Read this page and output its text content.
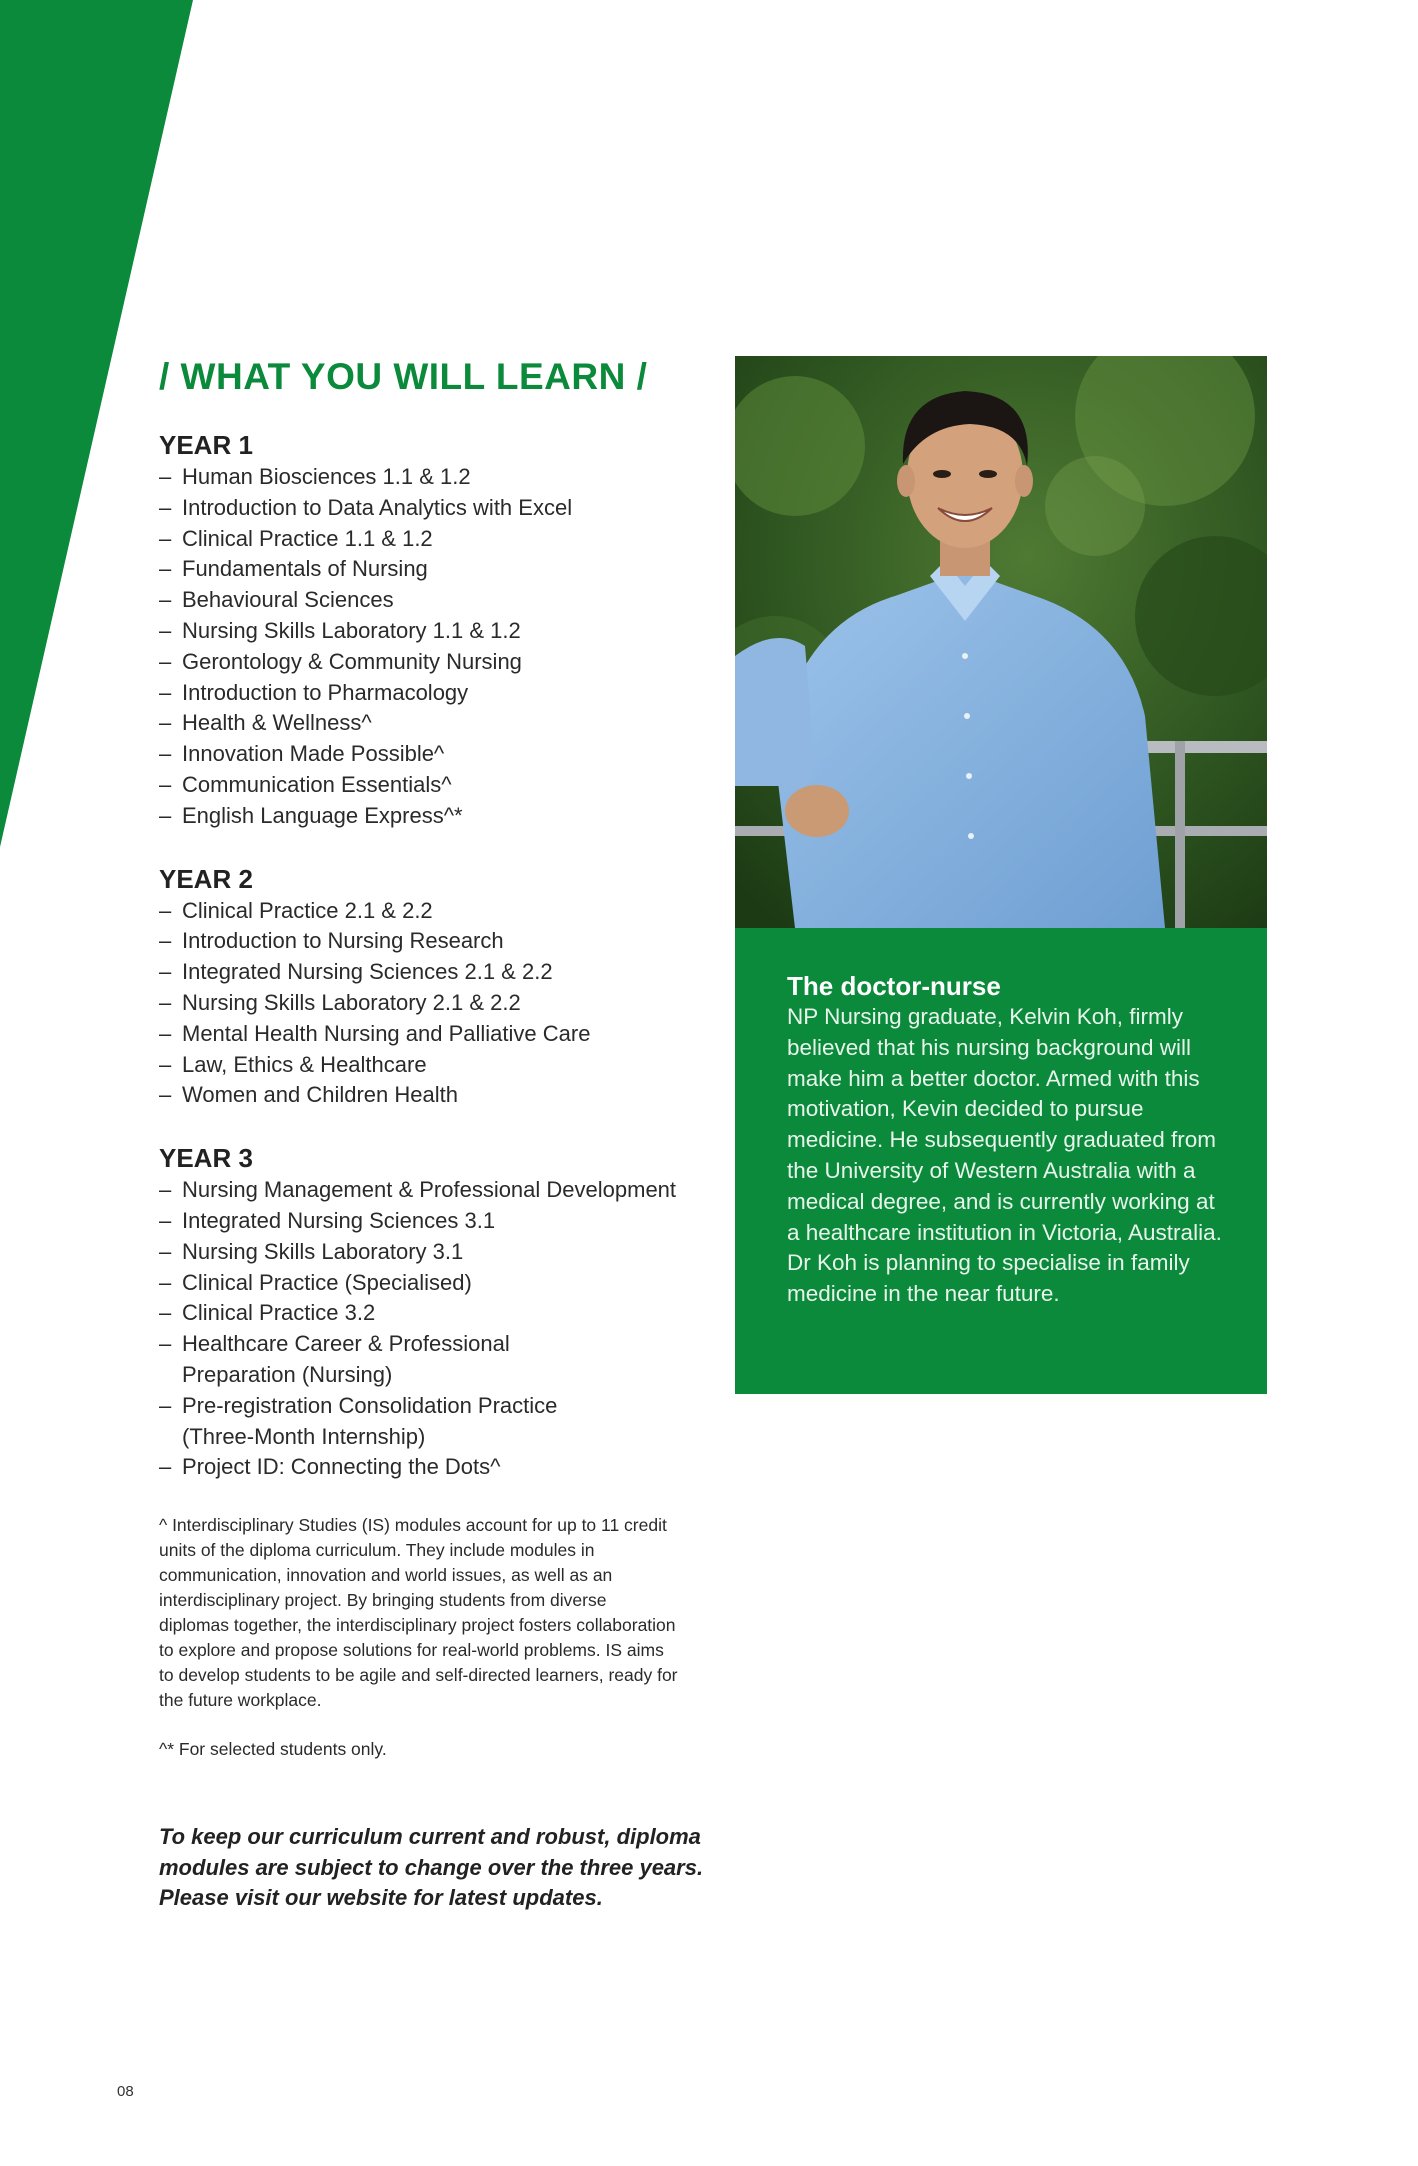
/ WHAT YOU WILL LEARN /
YEAR 1
– Human Biosciences 1.1 & 1.2
– Introduction to Data Analytics with Excel
– Clinical Practice 1.1 & 1.2
– Fundamentals of Nursing
– Behavioural Sciences
– Nursing Skills Laboratory 1.1 & 1.2
– Gerontology & Community Nursing
– Introduction to Pharmacology
– Health & Wellness^
– Innovation Made Possible^
– Communication Essentials^
– English Language Express^*
YEAR 2
– Clinical Practice 2.1 & 2.2
– Introduction to Nursing Research
– Integrated Nursing Sciences 2.1 & 2.2
– Nursing Skills Laboratory 2.1 & 2.2
– Mental Health Nursing and Palliative Care
– Law, Ethics & Healthcare
– Women and Children Health
YEAR 3
– Nursing Management & Professional Development
– Integrated Nursing Sciences 3.1
– Nursing Skills Laboratory 3.1
– Clinical Practice (Specialised)
– Clinical Practice 3.2
– Healthcare Career & Professional Preparation (Nursing)
– Pre-registration Consolidation Practice (Three-Month Internship)
– Project ID: Connecting the Dots^

^ Interdisciplinary Studies (IS) modules account for up to 11 credit units of the diploma curriculum. They include modules in communication, innovation and world issues, as well as an interdisciplinary project. By bringing students from diverse diplomas together, the interdisciplinary project fosters collaboration to explore and propose solutions for real-world problems. IS aims to develop students to be agile and self-directed learners, ready for the future workplace.

^* For selected students only.

To keep our curriculum current and robust, diploma modules are subject to change over the three years. Please visit our website for latest updates.

The doctor-nurse

NP Nursing graduate, Kelvin Koh, firmly believed that his nursing background will make him a better doctor. Armed with this motivation, Kevin decided to pursue medicine. He subsequently graduated from the University of Western Australia with a medical degree, and is currently working at a healthcare institution in Victoria, Australia. Dr Koh is planning to specialise in family medicine in the near future.

08
